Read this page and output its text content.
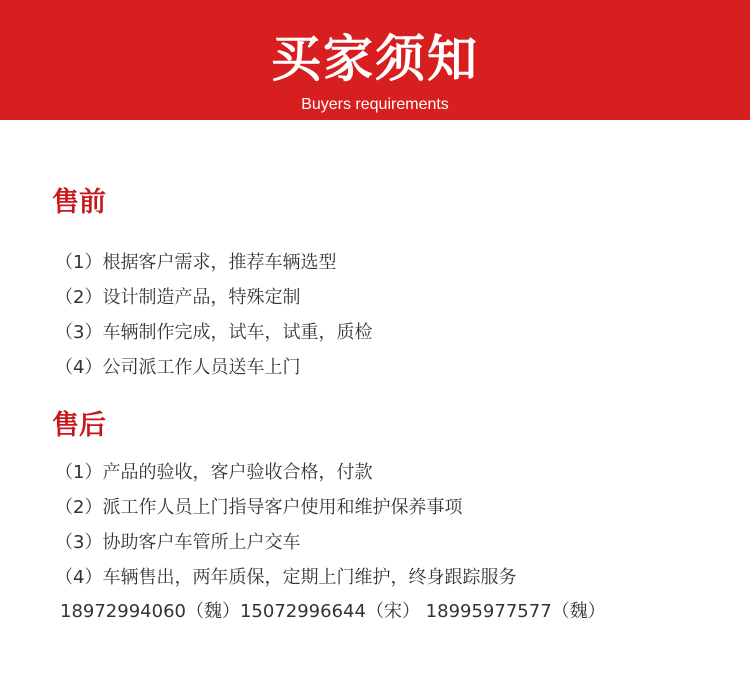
买家须知
Buyers requirements
售前
（1）根据客户需求，推荐车辆选型
（2）设计制造产品，特殊定制
（3）车辆制作完成，试车，试重，质检
（4）公司派工作人员送车上门
售后
（1）产品的验收，客户验收合格，付款
（2）派工作人员上门指导客户使用和维护保养事项
（3）协助客户车管所上户交车
（4）车辆售出，两年质保，定期上门维护，终身跟踪服务
18972994060（魏）15072996644（宋） 18995977577（魏）
